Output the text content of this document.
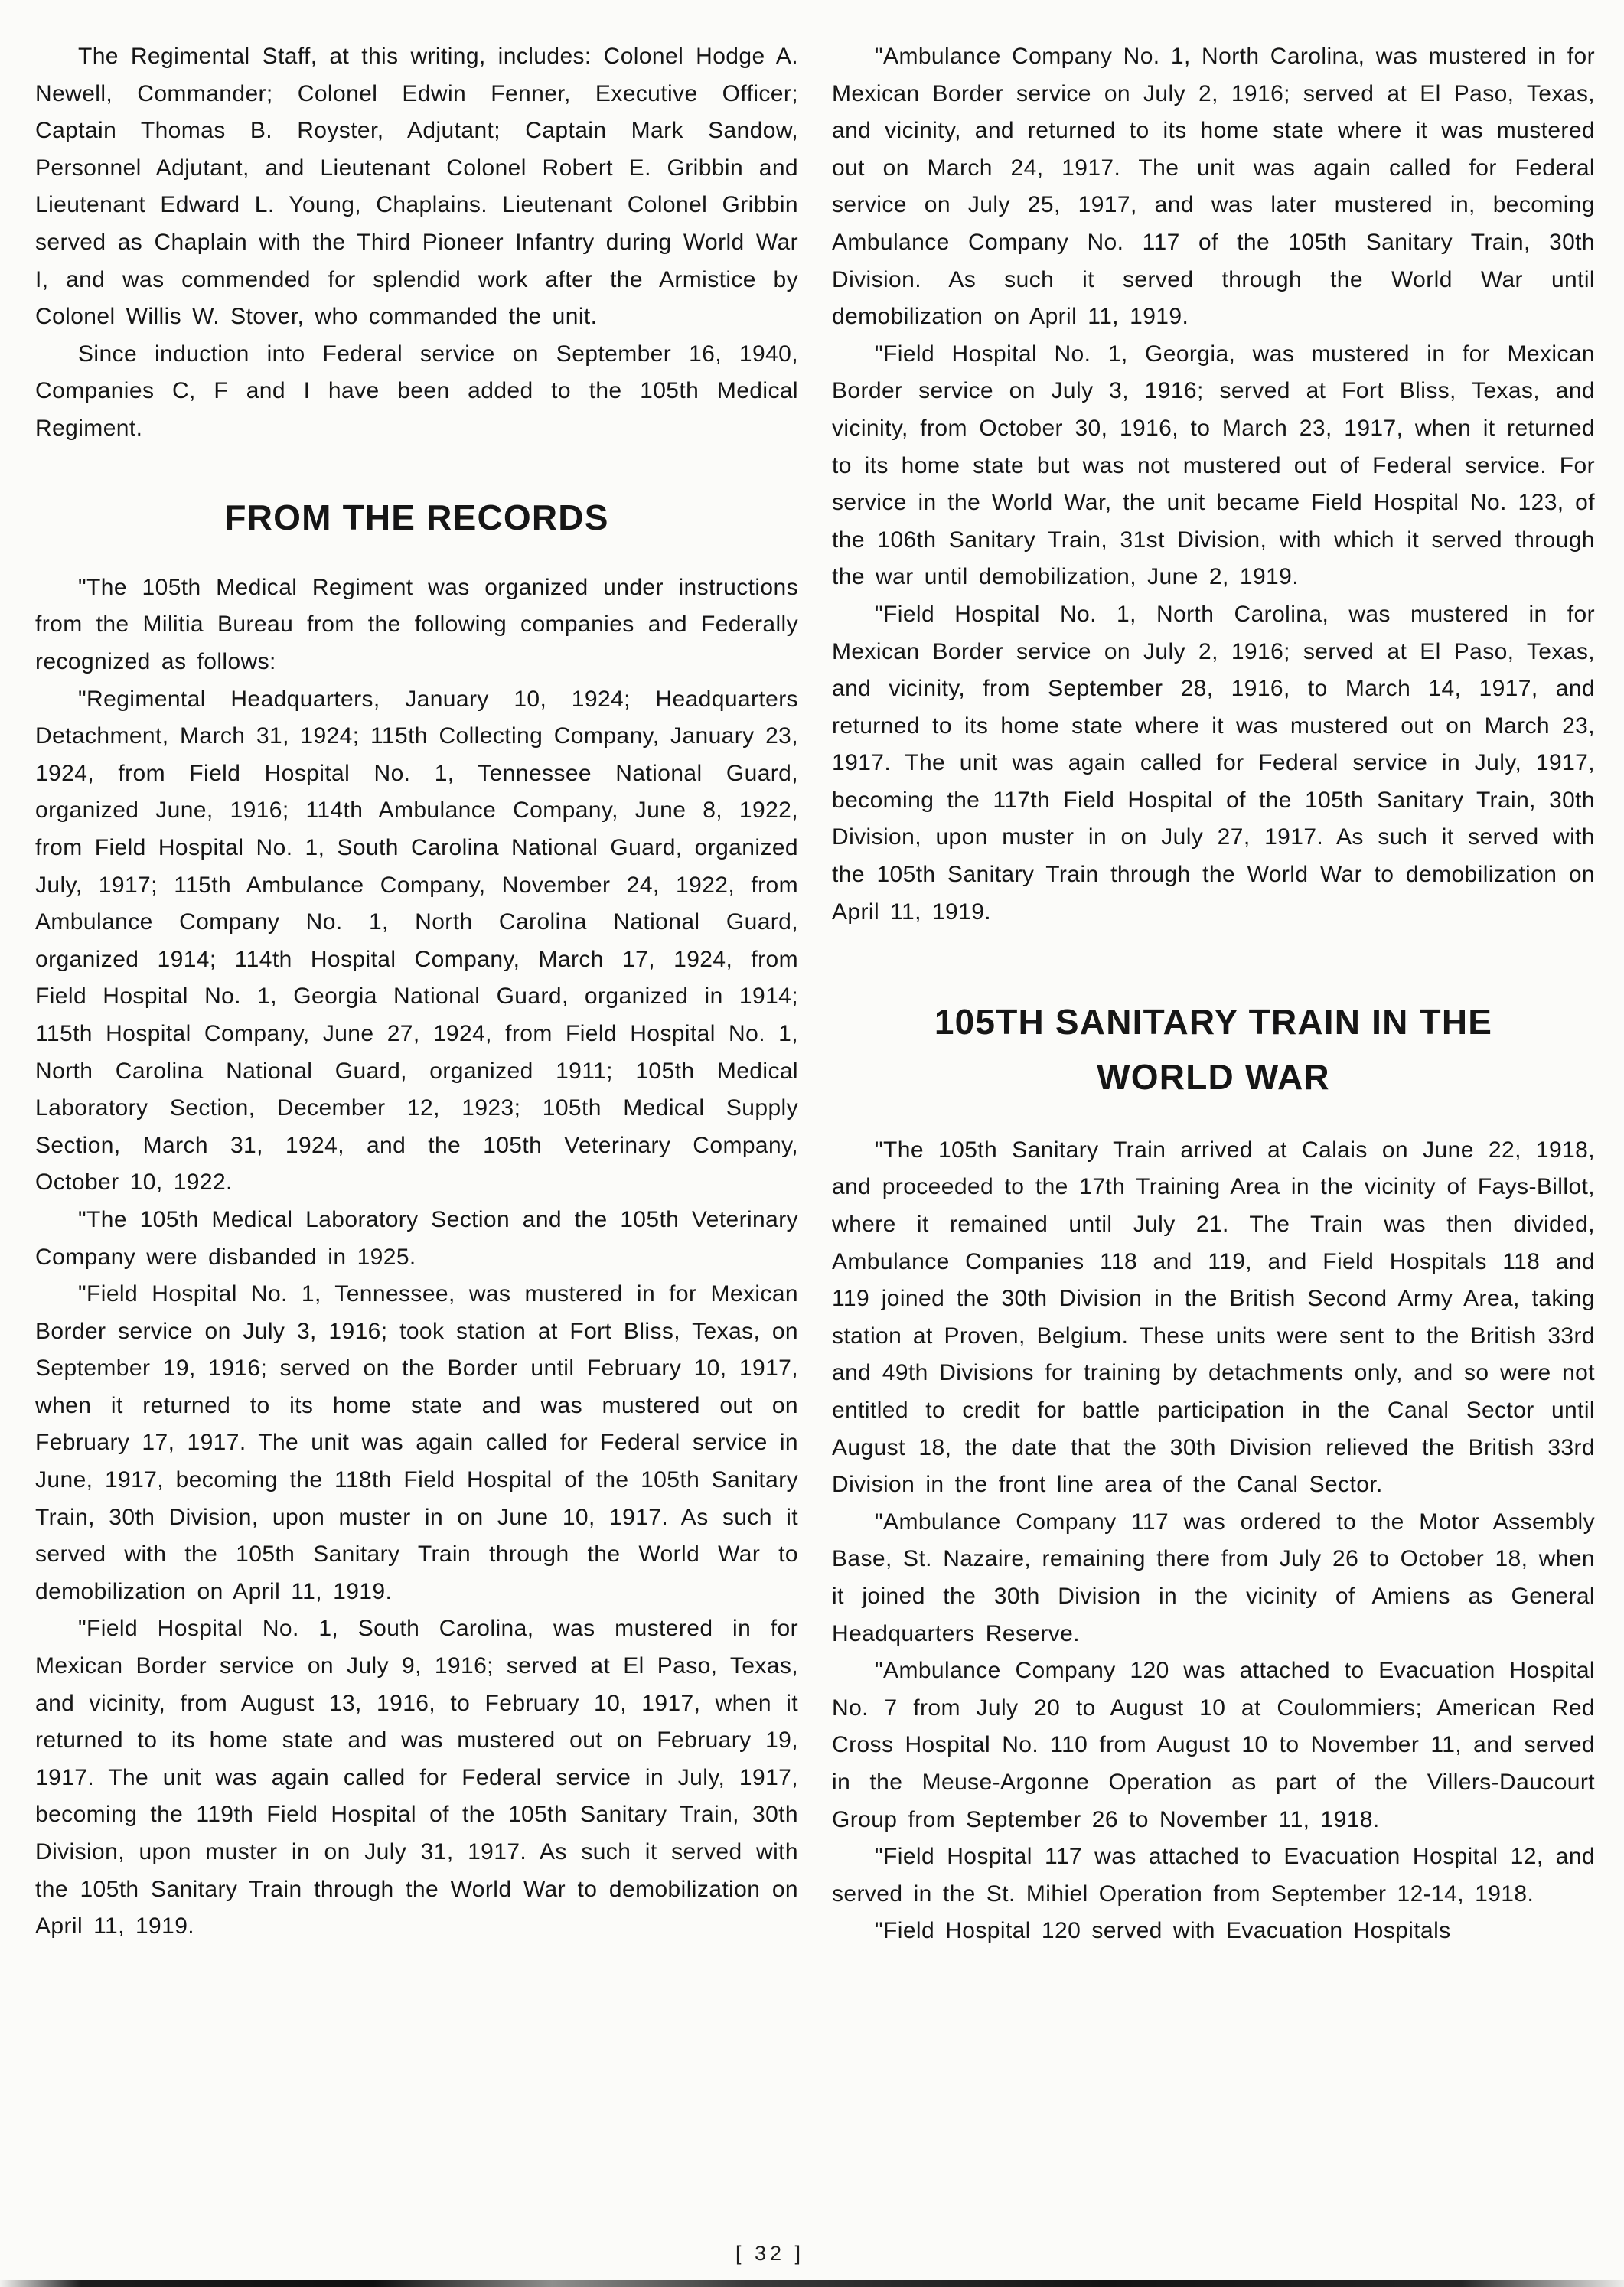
The Regimental Staff, at this writing, includes: Colonel Hodge A. Newell, Commander; Colonel Edwin Fenner, Executive Officer; Captain Thomas B. Royster, Adjutant; Captain Mark Sandow, Personnel Adjutant, and Lieutenant Colonel Robert E. Gribbin and Lieutenant Edward L. Young, Chaplains. Lieutenant Colonel Gribbin served as Chaplain with the Third Pioneer Infantry during World War I, and was commended for splendid work after the Armistice by Colonel Willis W. Stover, who commanded the unit.

Since induction into Federal service on September 16, 1940, Companies C, F and I have been added to the 105th Medical Regiment.

FROM THE RECORDS

"The 105th Medical Regiment was organized under instructions from the Militia Bureau from the following companies and Federally recognized as follows:

"Regimental Headquarters, January 10, 1924; Headquarters Detachment, March 31, 1924; 115th Collecting Company, January 23, 1924, from Field Hospital No. 1, Tennessee National Guard, organized June, 1916; 114th Ambulance Company, June 8, 1922, from Field Hospital No. 1, South Carolina National Guard, organized July, 1917; 115th Ambulance Company, November 24, 1922, from Ambulance Company No. 1, North Carolina National Guard, organized 1914; 114th Hospital Company, March 17, 1924, from Field Hospital No. 1, Georgia National Guard, organized in 1914; 115th Hospital Company, June 27, 1924, from Field Hospital No. 1, North Carolina National Guard, organized 1911; 105th Medical Laboratory Section, December 12, 1923; 105th Medical Supply Section, March 31, 1924, and the 105th Veterinary Company, October 10, 1922.

"The 105th Medical Laboratory Section and the 105th Veterinary Company were disbanded in 1925.

"Field Hospital No. 1, Tennessee, was mustered in for Mexican Border service on July 3, 1916; took station at Fort Bliss, Texas, on September 19, 1916; served on the Border until February 10, 1917, when it returned to its home state and was mustered out on February 17, 1917. The unit was again called for Federal service in June, 1917, becoming the 118th Field Hospital of the 105th Sanitary Train, 30th Division, upon muster in on June 10, 1917. As such it served with the 105th Sanitary Train through the World War to demobilization on April 11, 1919.

"Field Hospital No. 1, South Carolina, was mustered in for Mexican Border service on July 9, 1916; served at El Paso, Texas, and vicinity, from August 13, 1916, to February 10, 1917, when it returned to its home state and was mustered out on February 19, 1917. The unit was again called for Federal service in July, 1917, becoming the 119th Field Hospital of the 105th Sanitary Train, 30th Division, upon muster in on July 31, 1917. As such it served with the 105th Sanitary Train through the World War to demobilization on April 11, 1919.

"Ambulance Company No. 1, North Carolina, was mustered in for Mexican Border service on July 2, 1916; served at El Paso, Texas, and vicinity, and returned to its home state where it was mustered out on March 24, 1917. The unit was again called for Federal service on July 25, 1917, and was later mustered in, becoming Ambulance Company No. 117 of the 105th Sanitary Train, 30th Division. As such it served through the World War until demobilization on April 11, 1919.

"Field Hospital No. 1, Georgia, was mustered in for Mexican Border service on July 3, 1916; served at Fort Bliss, Texas, and vicinity, from October 30, 1916, to March 23, 1917, when it returned to its home state but was not mustered out of Federal service. For service in the World War, the unit became Field Hospital No. 123, of the 106th Sanitary Train, 31st Division, with which it served through the war until demobilization, June 2, 1919.

"Field Hospital No. 1, North Carolina, was mustered in for Mexican Border service on July 2, 1916; served at El Paso, Texas, and vicinity, from September 28, 1916, to March 14, 1917, and returned to its home state where it was mustered out on March 23, 1917. The unit was again called for Federal service in July, 1917, becoming the 117th Field Hospital of the 105th Sanitary Train, 30th Division, upon muster in on July 27, 1917. As such it served with the 105th Sanitary Train through the World War to demobilization on April 11, 1919.

105TH SANITARY TRAIN IN THE WORLD WAR

"The 105th Sanitary Train arrived at Calais on June 22, 1918, and proceeded to the 17th Training Area in the vicinity of Fays-Billot, where it remained until July 21. The Train was then divided, Ambulance Companies 118 and 119, and Field Hospitals 118 and 119 joined the 30th Division in the British Second Army Area, taking station at Proven, Belgium. These units were sent to the British 33rd and 49th Divisions for training by detachments only, and so were not entitled to credit for battle participation in the Canal Sector until August 18, the date that the 30th Division relieved the British 33rd Division in the front line area of the Canal Sector.

"Ambulance Company 117 was ordered to the Motor Assembly Base, St. Nazaire, remaining there from July 26 to October 18, when it joined the 30th Division in the vicinity of Amiens as General Headquarters Reserve.

"Ambulance Company 120 was attached to Evacuation Hospital No. 7 from July 20 to August 10 at Coulommiers; American Red Cross Hospital No. 110 from August 10 to November 11, and served in the Meuse-Argonne Operation as part of the Villers-Daucourt Group from September 26 to November 11, 1918.

"Field Hospital 117 was attached to Evacuation Hospital 12, and served in the St. Mihiel Operation from September 12-14, 1918.

"Field Hospital 120 served with Evacuation Hospitals

[ 32 ]
